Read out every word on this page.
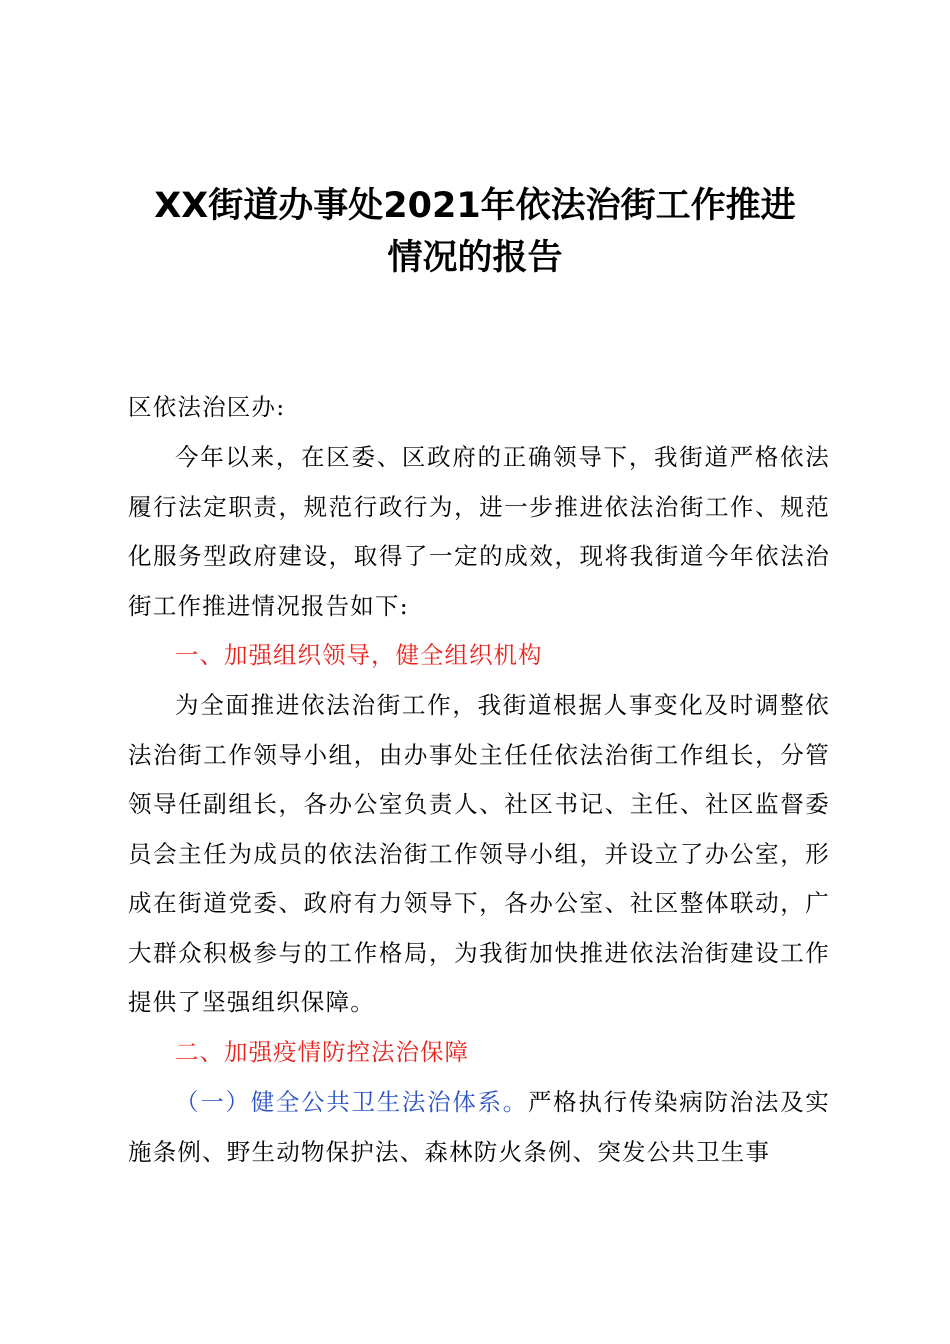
XX街道办事处2021年依法治街工作推进
情况的报告

区依法治区办:

今年以来，在区委、区政府的正确领导下，我街道严格依法履行法定职责，规范行政行为，进一步推进依法治街工作、规范化服务型政府建设，取得了一定的成效，现将我街道今年依法治街工作推进情况报告如下:

一、加强组织领导，健全组织机构

为全面推进依法治街工作，我街道根据人事变化及时调整依法治街工作领导小组，由办事处主任任依法治街工作组长，分管领导任副组长，各办公室负责人、社区书记、主任、社区监督委员会主任为成员的依法治街工作领导小组，并设立了办公室，形成在街道党委、政府有力领导下，各办公室、社区整体联动，广大群众积极参与的工作格局，为我街加快推进依法治街建设工作提供了坚强组织保障。

二、加强疫情防控法治保障

（一）健全公共卫生法治体系。严格执行传染病防治法及实施条例、野生动物保护法、森林防火条例、突发公共卫生事
